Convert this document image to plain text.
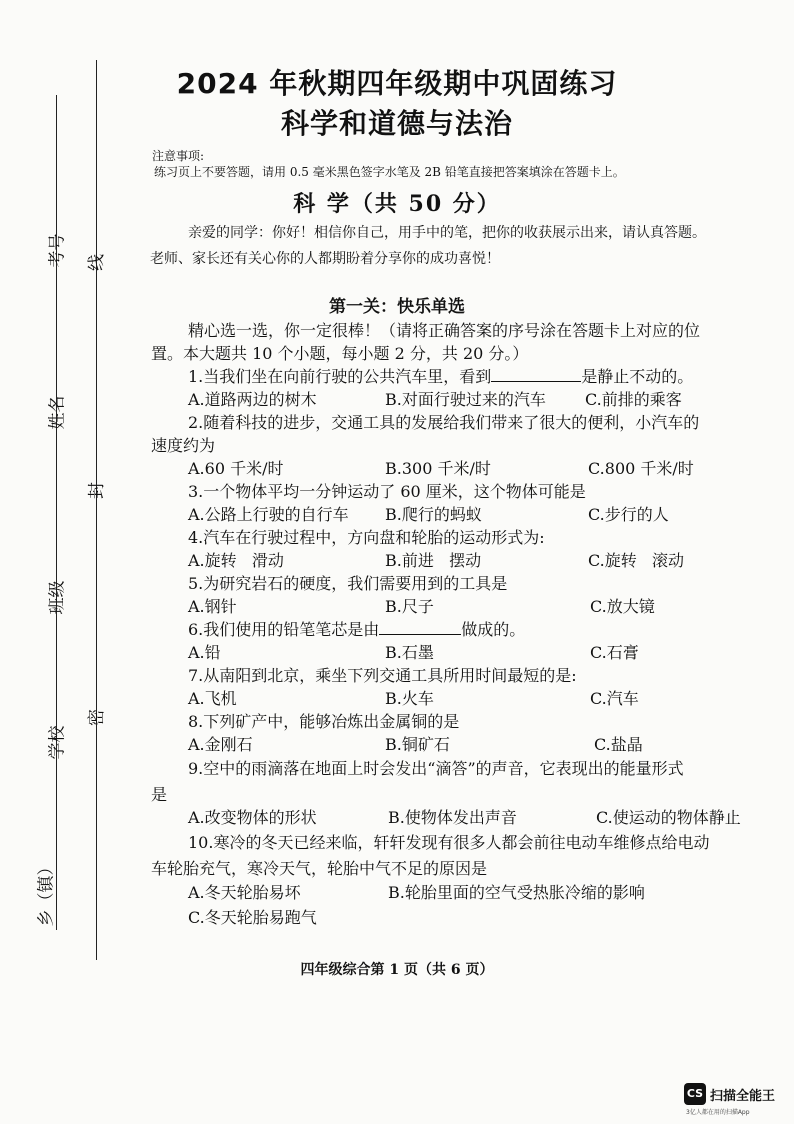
考号
姓名
班级
学校
乡（镇）
线
封
密
2024 年秋期四年级期中巩固练习
科学和道德与法治
注意事项:
练习页上不要答题，请用 0.5 毫米黑色签字水笔及 2B 铅笔直接把答案填涂在答题卡上。
科 学（共 50 分）
亲爱的同学：你好！相信你自己，用手中的笔，把你的收获展示出来，请认真答题。
老师、家长还有关心你的人都期盼着分享你的成功喜悦！
第一关：快乐单选
精心选一选，你一定很棒！（请将正确答案的序号涂在答题卡上对应的位
置。本大题共 10 个小题，每小题 2 分，共 20 分。）
1.当我们坐在向前行驶的公共汽车里，看到	是静止不动的。
A.道路两边的树木	B.对面行驶过来的汽车 C.前排的乘客
2.随着科技的进步，交通工具的发展给我们带来了很大的便利，小汽车的
速度约为
A.60 千米/时	B.300 千米/时	C.800 千米/时
3.一个物体平均一分钟运动了 60 厘米，这个物体可能是
A.公路上行驶的自行车 B.爬行的蚂蚁	C.步行的人
4.汽车在行驶过程中，方向盘和轮胎的运动形式为:
A.旋转   滑动	B.前进   摆动	C.旋转   滚动
5.为研究岩石的硬度，我们需要用到的工具是
A.钢针	B.尺子	C.放大镜
6.我们使用的铅笔笔芯是由	做成的。
A.铅	B.石墨	C.石膏
7.从南阳到北京，乘坐下列交通工具所用时间最短的是:
A.飞机	B.火车	C.汽车
8.下列矿产中，能够冶炼出金属铜的是
A.金刚石	B.铜矿石	C.盐晶
9.空中的雨滴落在地面上时会发出“滴答”的声音，它表现出的能量形式
是
A.改变物体的形状	B.使物体发出声音	C.使运动的物体静止
10.寒冷的冬天已经来临，轩轩发现有很多人都会前往电动车维修点给电动
车轮胎充气，寒冷天气，轮胎中气不足的原因是
A.冬天轮胎易坏	B.轮胎里面的空气受热胀冷缩的影响
C.冬天轮胎易跑气
四年级综合第 1 页（共 6 页）
CS 扫描全能王
3亿人都在用的扫描App
